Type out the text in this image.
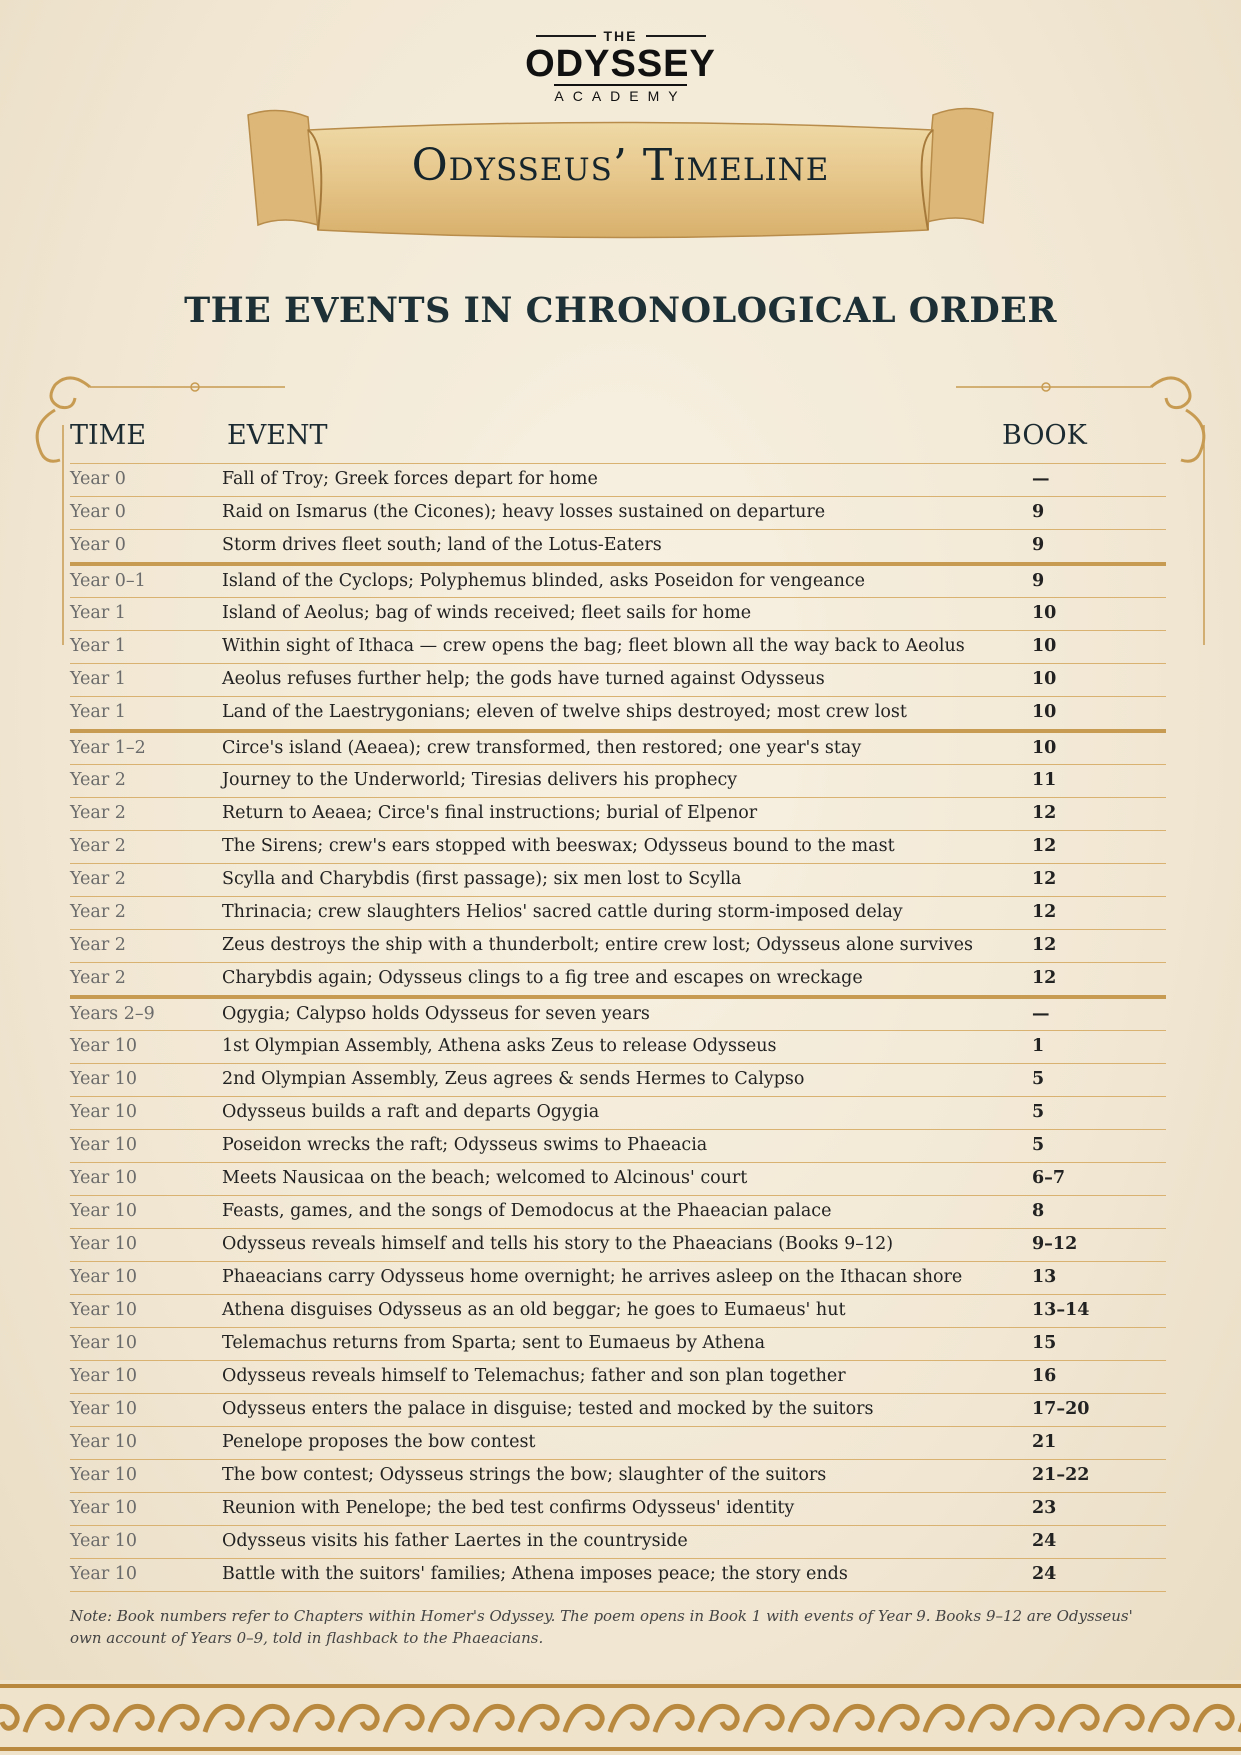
THE
ODYSSEY
ACADEMY
Odysseus’ Timeline
THE EVENTS IN CHRONOLOGICAL ORDER
TIME	EVENT	BOOK
Year 0	Fall of Troy; Greek forces depart for home	—
Year 0	Raid on Ismarus (the Cicones); heavy losses sustained on departure	9
Year 0	Storm drives fleet south; land of the Lotus-Eaters	9
Year 0–1	Island of the Cyclops; Polyphemus blinded, asks Poseidon for vengeance	9
Year 1	Island of Aeolus; bag of winds received; fleet sails for home	10
Year 1	Within sight of Ithaca — crew opens the bag; fleet blown all the way back to Aeolus	10
Year 1	Aeolus refuses further help; the gods have turned against Odysseus	10
Year 1	Land of the Laestrygonians; eleven of twelve ships destroyed; most crew lost	10
Year 1–2	Circe's island (Aeaea); crew transformed, then restored; one year's stay	10
Year 2	Journey to the Underworld; Tiresias delivers his prophecy	11
Year 2	Return to Aeaea; Circe's final instructions; burial of Elpenor	12
Year 2	The Sirens; crew's ears stopped with beeswax; Odysseus bound to the mast	12
Year 2	Scylla and Charybdis (first passage); six men lost to Scylla	12
Year 2	Thrinacia; crew slaughters Helios' sacred cattle during storm-imposed delay	12
Year 2	Zeus destroys the ship with a thunderbolt; entire crew lost; Odysseus alone survives	12
Year 2	Charybdis again; Odysseus clings to a fig tree and escapes on wreckage	12
Years 2–9	Ogygia; Calypso holds Odysseus for seven years	—
Year 10	1st Olympian Assembly, Athena asks Zeus to release Odysseus	1
Year 10	2nd Olympian Assembly, Zeus agrees & sends Hermes to Calypso	5
Year 10	Odysseus builds a raft and departs Ogygia	5
Year 10	Poseidon wrecks the raft; Odysseus swims to Phaeacia	5
Year 10	Meets Nausicaa on the beach; welcomed to Alcinous' court	6–7
Year 10	Feasts, games, and the songs of Demodocus at the Phaeacian palace	8
Year 10	Odysseus reveals himself and tells his story to the Phaeacians (Books 9–12)	9–12
Year 10	Phaeacians carry Odysseus home overnight; he arrives asleep on the Ithacan shore	13
Year 10	Athena disguises Odysseus as an old beggar; he goes to Eumaeus' hut	13–14
Year 10	Telemachus returns from Sparta; sent to Eumaeus by Athena	15
Year 10	Odysseus reveals himself to Telemachus; father and son plan together	16
Year 10	Odysseus enters the palace in disguise; tested and mocked by the suitors	17–20
Year 10	Penelope proposes the bow contest	21
Year 10	The bow contest; Odysseus strings the bow; slaughter of the suitors	21–22
Year 10	Reunion with Penelope; the bed test confirms Odysseus' identity	23
Year 10	Odysseus visits his father Laertes in the countryside	24
Year 10	Battle with the suitors' families; Athena imposes peace; the story ends	24
Note: Book numbers refer to Chapters within Homer's Odyssey. The poem opens in Book 1 with events of Year 9. Books 9–12 are Odysseus' own account of Years 0–9, told in flashback to the Phaeacians.
